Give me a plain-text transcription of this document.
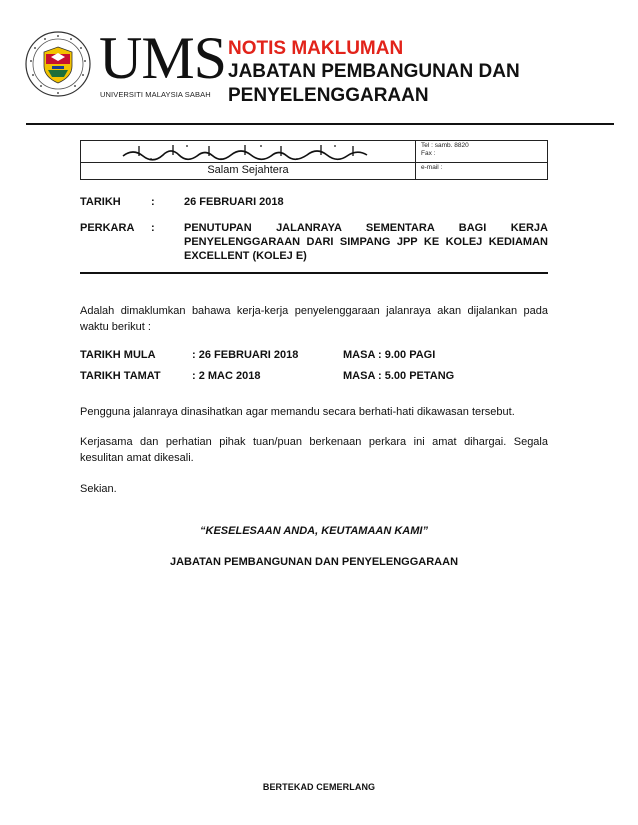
UMS
UNIVERSITI MALAYSIA SABAH
NOTIS MAKLUMAN
JABATAN PEMBANGUNAN DAN
PENYELENGGARAAN
Salam Sejahtera
Tel : samb. 8820
Fax :
e-mail :
TARIKH	:	26 FEBRUARI 2018
PERKARA :	PENUTUPAN JALANRAYA SEMENTARA BAGI KERJA PENYELENGGARAAN DARI SIMPANG JPP KE KOLEJ KEDIAMAN EXCELLENT (KOLEJ E)
Adalah dimaklumkan bahawa kerja-kerja penyelenggaraan jalanraya akan dijalankan pada waktu berikut :
TARIKH MULA	: 26 FEBRUARI 2018	MASA : 9.00 PAGI
TARIKH TAMAT	: 2 MAC 2018	MASA : 5.00 PETANG
Pengguna jalanraya dinasihatkan agar memandu secara berhati-hati dikawasan tersebut.
Kerjasama dan perhatian pihak tuan/puan berkenaan perkara ini amat dihargai. Segala kesulitan amat dikesali.
Sekian.
“KESELESAAN ANDA, KEUTAMAAN KAMI”
JABATAN PEMBANGUNAN DAN PENYELENGGARAAN
BERTEKAD CEMERLANG
